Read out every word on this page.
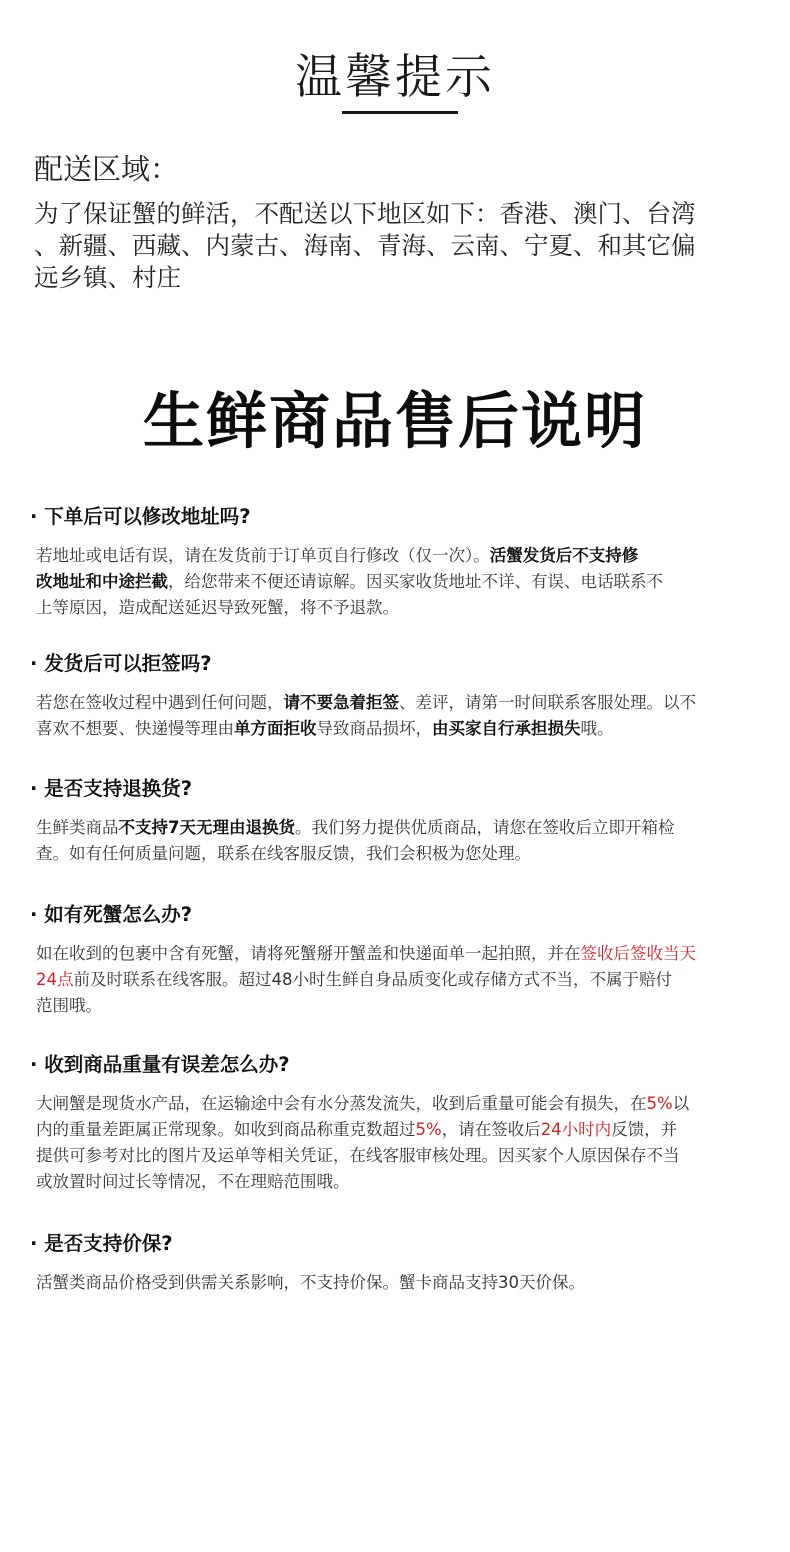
温馨提示
配送区域：
为了保证蟹的鲜活，不配送以下地区如下：香港、澳门、台湾
、新疆、西藏、内蒙古、海南、青海、云南、宁夏、和其它偏
远乡镇、村庄
生鲜商品售后说明
· 下单后可以修改地址吗?
若地址或电话有误，请在发货前于订单页自行修改（仅一次）。活蟹发货后不支持修
改地址和中途拦截，给您带来不便还请谅解。因买家收货地址不详、有误、电话联系不
上等原因，造成配送延迟导致死蟹，将不予退款。
· 发货后可以拒签吗?
若您在签收过程中遇到任何问题，请不要急着拒签、差评，请第一时间联系客服处理。以不
喜欢不想要、快递慢等理由单方面拒收导致商品损坏，由买家自行承担损失哦。
· 是否支持退换货?
生鲜类商品不支持7天无理由退换货。我们努力提供优质商品，请您在签收后立即开箱检
查。如有任何质量问题，联系在线客服反馈，我们会积极为您处理。
· 如有死蟹怎么办?
如在收到的包裹中含有死蟹，请将死蟹掰开蟹盖和快递面单一起拍照，并在签收后签收当天
24点前及时联系在线客服。超过48小时生鲜自身品质变化或存储方式不当，不属于赔付
范围哦。
· 收到商品重量有误差怎么办?
大闸蟹是现货水产品，在运输途中会有水分蒸发流失，收到后重量可能会有损失，在5%以
内的重量差距属正常现象。如收到商品称重克数超过5%，请在签收后24小时内反馈，并
提供可参考对比的图片及运单等相关凭证，在线客服审核处理。因买家个人原因保存不当
或放置时间过长等情况，不在理赔范围哦。
· 是否支持价保?
活蟹类商品价格受到供需关系影响，不支持价保。蟹卡商品支持30天价保。
